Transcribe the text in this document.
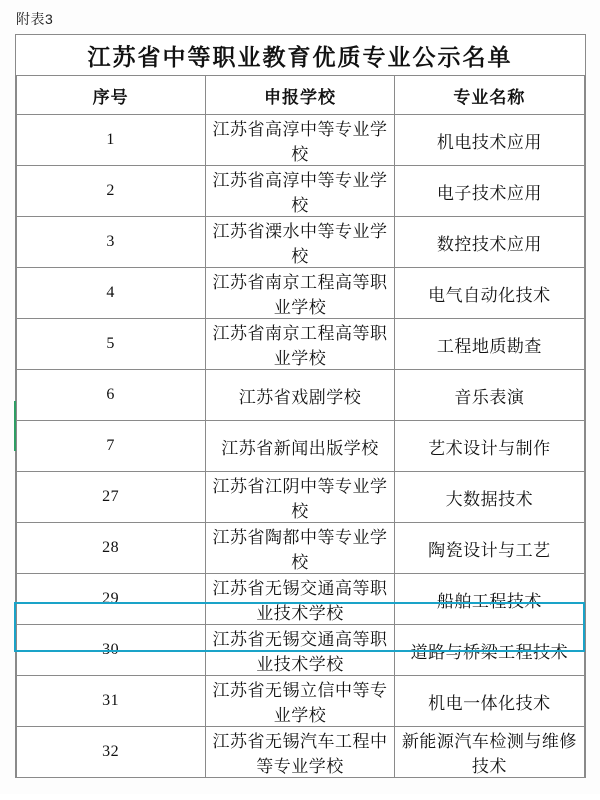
附表3
江苏省中等职业教育优质专业公示名单		
序号	申报学校	专业名称
1	江苏省高淳中等专业学校	机电技术应用
2	江苏省高淳中等专业学校	电子技术应用
3	江苏省溧水中等专业学校	数控技术应用
4	江苏省南京工程高等职业学校	电气自动化技术
5	江苏省南京工程高等职业学校	工程地质勘查
6	江苏省戏剧学校	音乐表演
7	江苏省新闻出版学校	艺术设计与制作
27	江苏省江阴中等专业学校	大数据技术
28	江苏省陶都中等专业学校	陶瓷设计与工艺
29	江苏省无锡交通高等职业技术学校	船舶工程技术
30	江苏省无锡交通高等职业技术学校	道路与桥梁工程技术
31	江苏省无锡立信中等专业学校	机电一体化技术
32	江苏省无锡汽车工程中等专业学校	新能源汽车检测与维修技术
